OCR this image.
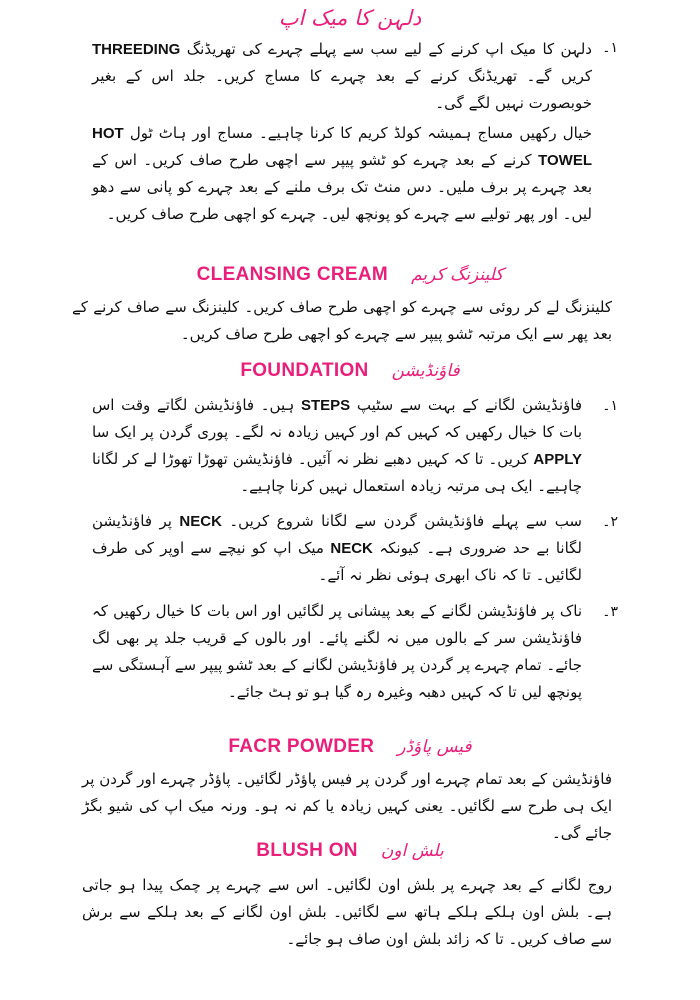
دلہن کا میک اپ
۱۔
دلہن کا میک اپ کرنے کے لیے سب سے پہلے چہرے کی تھریڈنگ THREEDING کریں گے۔ تھریڈنگ کرنے کے بعد چہرے کا مساج کریں۔ جلد اس کے بغیر خوبصورت نہیں لگے گی۔
خیال رکھیں مساج ہمیشہ کولڈ کریم کا کرنا چاہیے۔ مساج اور ہاٹ ٹول HOT TOWEL کرنے کے بعد چہرے کو ٹشو پیپر سے اچھی طرح صاف کریں۔ اس کے بعد چہرے پر برف ملیں۔ دس منٹ تک برف ملنے کے بعد چہرے کو پانی سے دھو لیں۔ اور پھر تولیے سے چہرے کو پونچھ لیں۔ چہرے کو اچھی طرح صاف کریں۔
CLEANSING CREAM کلینزنگ کریم
کلینزنگ لے کر روئی سے چہرے کو اچھی طرح صاف کریں۔ کلینزنگ سے صاف کرنے کے بعد پھر سے ایک مرتبہ ٹشو پیپر سے چہرے کو اچھی طرح صاف کریں۔
FOUNDATION فاؤنڈیشن
۱۔
فاؤنڈیشن لگانے کے بہت سے سٹیپ STEPS ہیں۔ فاؤنڈیشن لگاتے وقت اس بات کا خیال رکھیں کہ کہیں کم اور کہیں زیادہ نہ لگے۔ پوری گردن پر ایک سا APPLY کریں۔ تا کہ کہیں دھبے نظر نہ آئیں۔ فاؤنڈیشن تھوڑا تھوڑا لے کر لگانا چاہیے۔ ایک ہی مرتبہ زیادہ استعمال نہیں کرنا چاہیے۔
۲۔
سب سے پہلے فاؤنڈیشن گردن سے لگانا شروع کریں۔ NECK پر فاؤنڈیشن لگانا بے حد ضروری ہے۔ کیونکہ NECK میک اپ کو نیچے سے اوپر کی طرف لگائیں۔ تا کہ ناک ابھری ہوئی نظر نہ آئے۔
۳۔
ناک پر فاؤنڈیشن لگانے کے بعد پیشانی پر لگائیں اور اس بات کا خیال رکھیں کہ فاؤنڈیشن سر کے بالوں میں نہ لگنے پائے۔ اور بالوں کے قریب جلد پر بھی لگ جائے۔ تمام چہرے پر گردن پر فاؤنڈیشن لگانے کے بعد ٹشو پیپر سے آہستگی سے پونچھ لیں تا کہ کہیں دھبہ وغیرہ رہ گیا ہو تو ہٹ جائے۔
FACR POWDER فیس پاؤڈر
فاؤنڈیشن کے بعد تمام چہرے اور گردن پر فیس پاؤڈر لگائیں۔ پاؤڈر چہرے اور گردن پر ایک ہی طرح سے لگائیں۔ یعنی کہیں زیادہ یا کم نہ ہو۔ ورنہ میک اپ کی شیو بگڑ جائے گی۔
BLUSH ON بلش اون
روج لگانے کے بعد چہرے پر بلش اون لگائیں۔ اس سے چہرے پر چمک پیدا ہو جاتی ہے۔ بلش اون ہلکے ہلکے ہاتھ سے لگائیں۔ بلش اون لگانے کے بعد ہلکے سے برش سے صاف کریں۔ تا کہ زائد بلش اون صاف ہو جائے۔
